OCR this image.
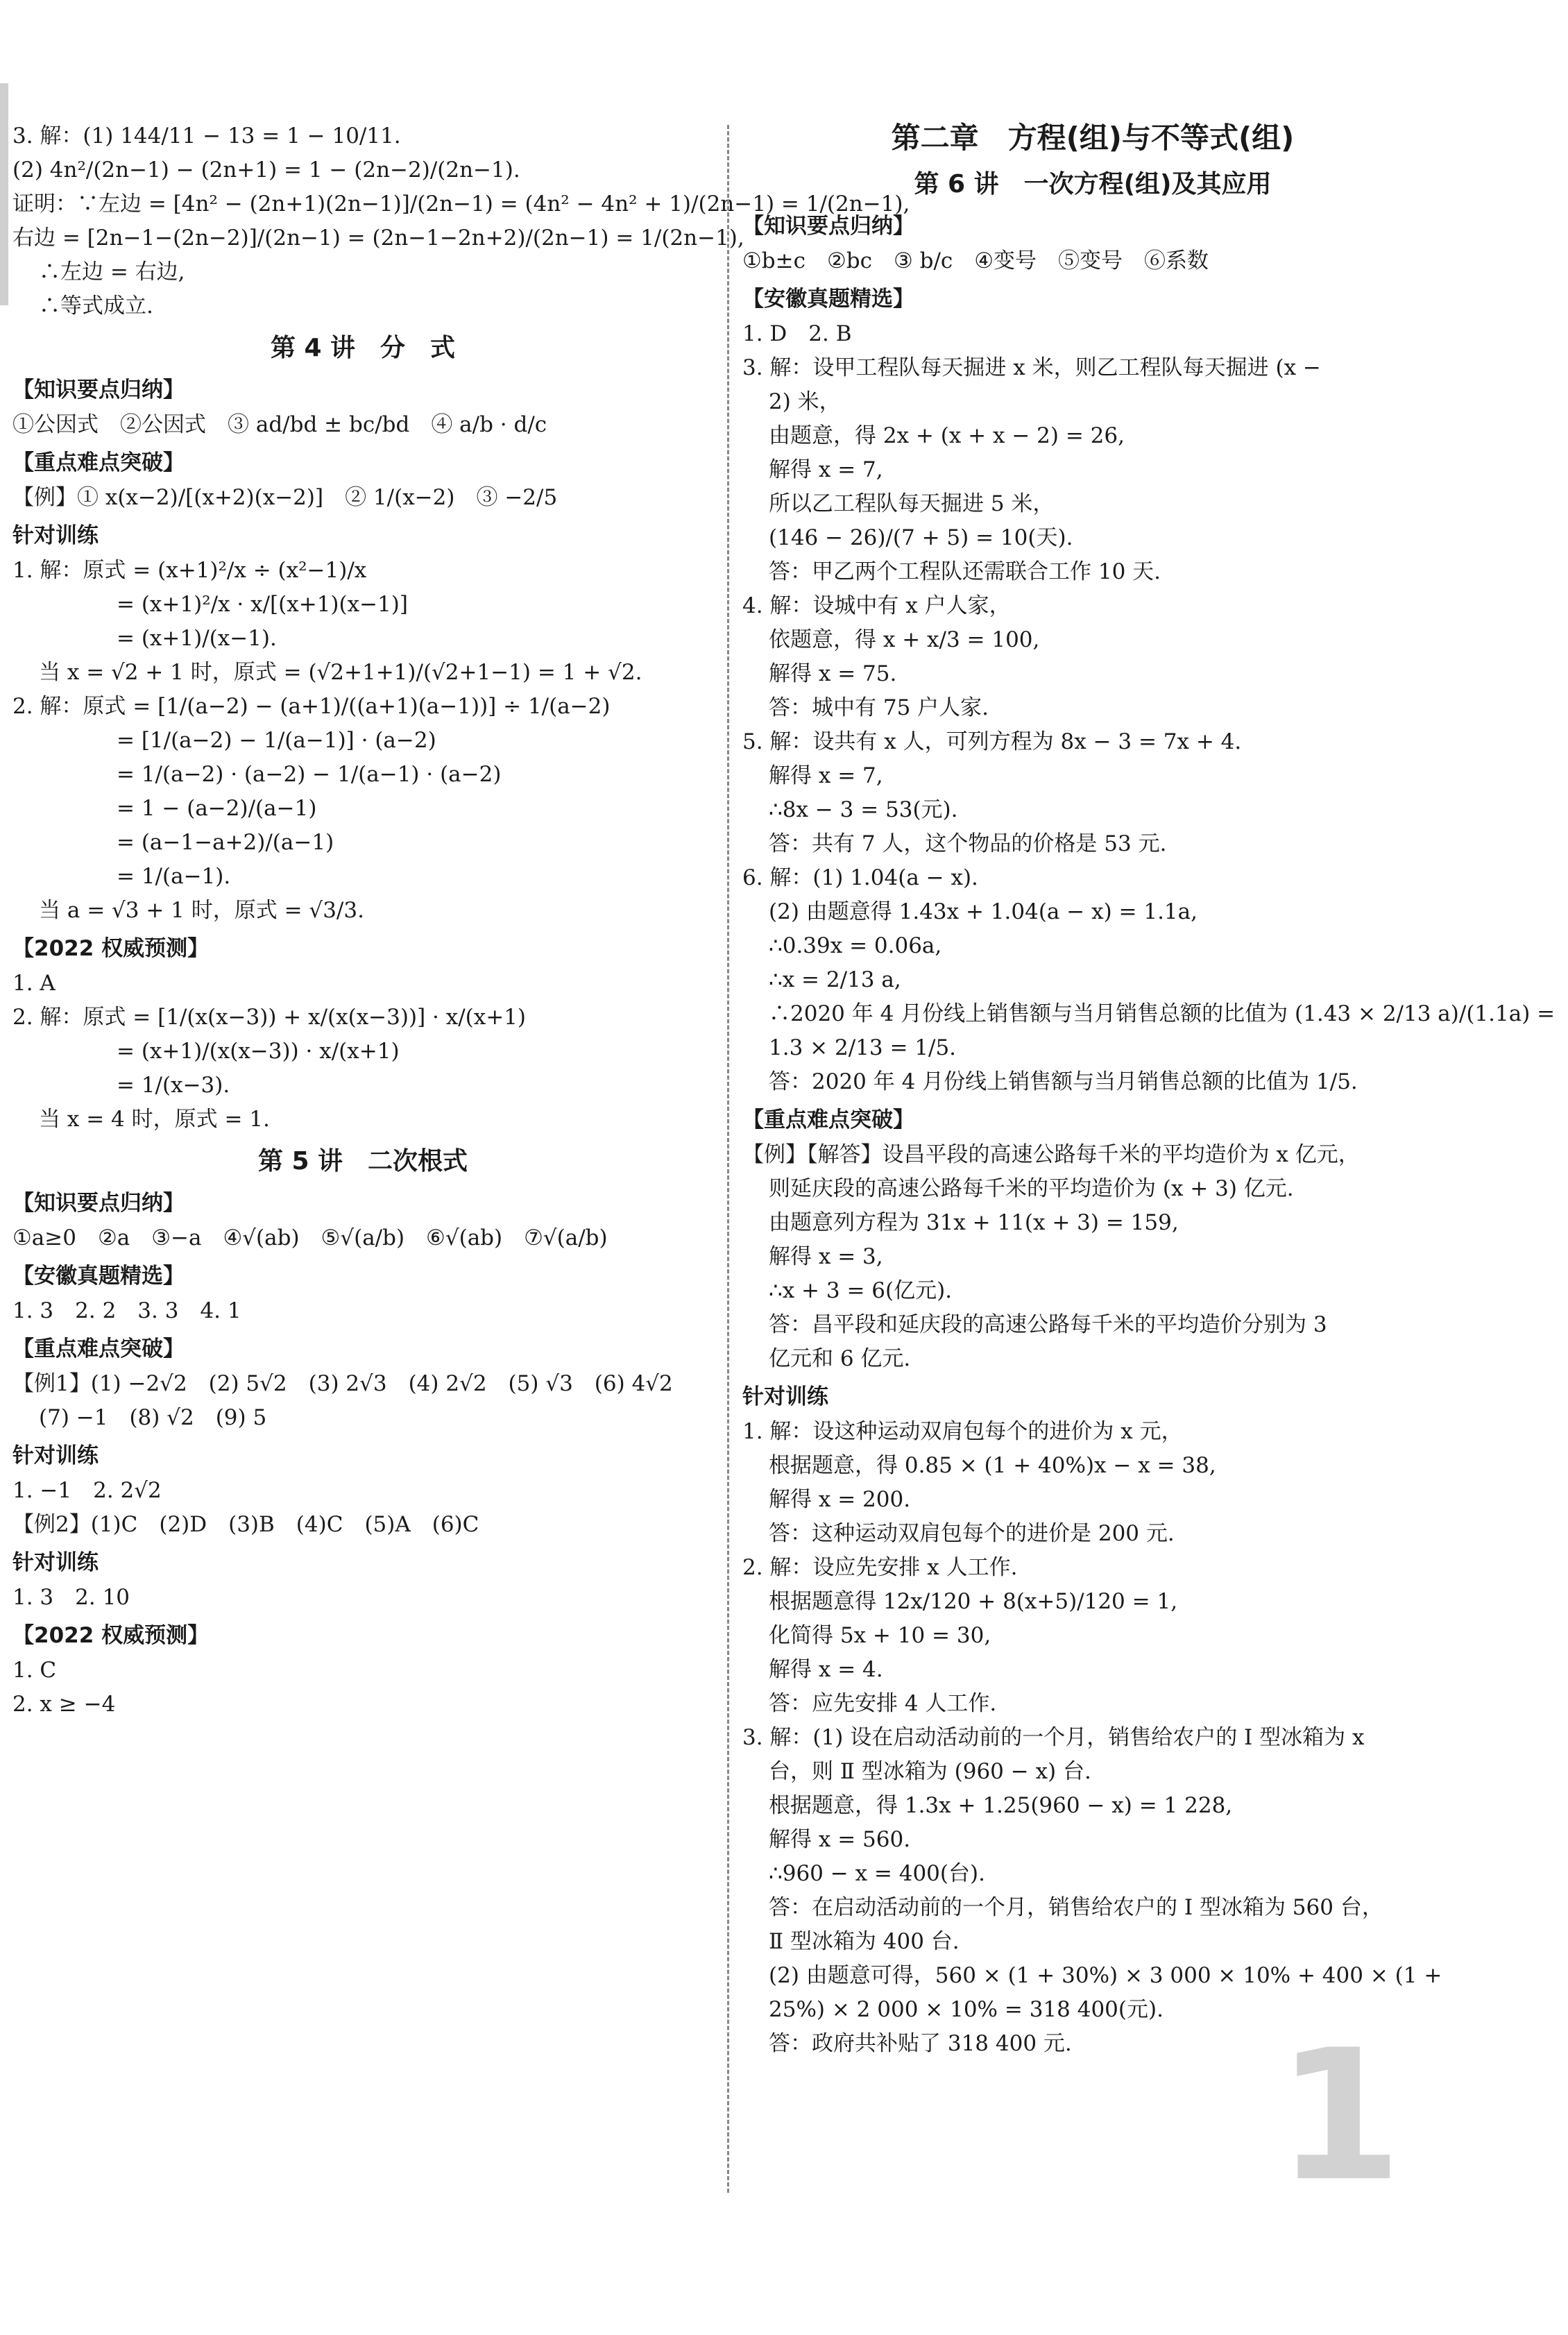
3. 解：(1) 144/11 − 13 = 1 − 10/11.
(2) 4n²/(2n−1) − (2n+1) = 1 − (2n−2)/(2n−1).
证明：∵左边 = [4n² − (2n+1)(2n−1)]/(2n−1) = (4n² − 4n² + 1)/(2n−1) = 1/(2n−1),
右边 = [2n−1−(2n−2)]/(2n−1) = (2n−1−2n+2)/(2n−1) = 1/(2n−1),
∴左边 = 右边,
∴等式成立.
第 4 讲　分　式
【知识要点归纳】
①公因式　②公因式　③ ad/bd ± bc/bd　④ a/b · d/c
【重点难点突破】
【例】① x(x−2)/[(x+2)(x−2)]　② 1/(x−2)　③ −2/5
针对训练
1. 解：原式 = (x+1)²/x ÷ (x²−1)/x
= (x+1)²/x · x/[(x+1)(x−1)]
= (x+1)/(x−1).
当 x = √2 + 1 时，原式 = (√2+1+1)/(√2+1−1) = 1 + √2.
2. 解：原式 = [1/(a−2) − (a+1)/((a+1)(a−1))] ÷ 1/(a−2)
= [1/(a−2) − 1/(a−1)] · (a−2)
= 1/(a−2) · (a−2) − 1/(a−1) · (a−2)
= 1 − (a−2)/(a−1)
= (a−1−a+2)/(a−1)
= 1/(a−1).
当 a = √3 + 1 时，原式 = √3/3.
【2022 权威预测】
1. A
2. 解：原式 = [1/(x(x−3)) + x/(x(x−3))] · x/(x+1)
= (x+1)/(x(x−3)) · x/(x+1)
= 1/(x−3).
当 x = 4 时，原式 = 1.
第 5 讲　二次根式
【知识要点归纳】
①a≥0　②a　③−a　④√(ab)　⑤√(a/b)　⑥√(ab)　⑦√(a/b)
【安徽真题精选】
1. 3　2. 2　3. 3　4. 1
【重点难点突破】
【例1】(1) −2√2　(2) 5√2　(3) 2√3　(4) 2√2　(5) √3　(6) 4√2
(7) −1　(8) √2　(9) 5
针对训练
1. −1　2. 2√2
【例2】(1)C　(2)D　(3)B　(4)C　(5)A　(6)C
针对训练
1. 3　2. 10
【2022 权威预测】
1. C
2. x ≥ −4
第二章　方程(组)与不等式(组)
第 6 讲　一次方程(组)及其应用
【知识要点归纳】
①b±c　②bc　③ b/c　④变号　⑤变号　⑥系数
【安徽真题精选】
1. D　2. B
3. 解：设甲工程队每天掘进 x 米，则乙工程队每天掘进 (x −
2) 米，
由题意，得 2x + (x + x − 2) = 26,
解得 x = 7,
所以乙工程队每天掘进 5 米，
(146 − 26)/(7 + 5) = 10(天).
答：甲乙两个工程队还需联合工作 10 天.
4. 解：设城中有 x 户人家，
依题意，得 x + x/3 = 100,
解得 x = 75.
答：城中有 75 户人家.
5. 解：设共有 x 人，可列方程为 8x − 3 = 7x + 4.
解得 x = 7,
∴8x − 3 = 53(元).
答：共有 7 人，这个物品的价格是 53 元.
6. 解：(1) 1.04(a − x).
(2) 由题意得 1.43x + 1.04(a − x) = 1.1a,
∴0.39x = 0.06a,
∴x = 2/13 a,
∴2020 年 4 月份线上销售额与当月销售总额的比值为 (1.43 × 2/13 a)/(1.1a) =
1.3 × 2/13 = 1/5.
答：2020 年 4 月份线上销售额与当月销售总额的比值为 1/5.
【重点难点突破】
【例】【解答】设昌平段的高速公路每千米的平均造价为 x 亿元，
则延庆段的高速公路每千米的平均造价为 (x + 3) 亿元.
由题意列方程为 31x + 11(x + 3) = 159,
解得 x = 3,
∴x + 3 = 6(亿元).
答：昌平段和延庆段的高速公路每千米的平均造价分别为 3
亿元和 6 亿元.
针对训练
1. 解：设这种运动双肩包每个的进价为 x 元，
根据题意，得 0.85 × (1 + 40%)x − x = 38,
解得 x = 200.
答：这种运动双肩包每个的进价是 200 元.
2. 解：设应先安排 x 人工作.
根据题意得 12x/120 + 8(x+5)/120 = 1,
化简得 5x + 10 = 30,
解得 x = 4.
答：应先安排 4 人工作.
3. 解：(1) 设在启动活动前的一个月，销售给农户的 Ⅰ 型冰箱为 x
台，则 Ⅱ 型冰箱为 (960 − x) 台.
根据题意，得 1.3x + 1.25(960 − x) = 1 228,
解得 x = 560.
∴960 − x = 400(台).
答：在启动活动前的一个月，销售给农户的 Ⅰ 型冰箱为 560 台，
Ⅱ 型冰箱为 400 台.
(2) 由题意可得，560 × (1 + 30%) × 3 000 × 10% + 400 × (1 +
25%) × 2 000 × 10% = 318 400(元).
答：政府共补贴了 318 400 元.	1
